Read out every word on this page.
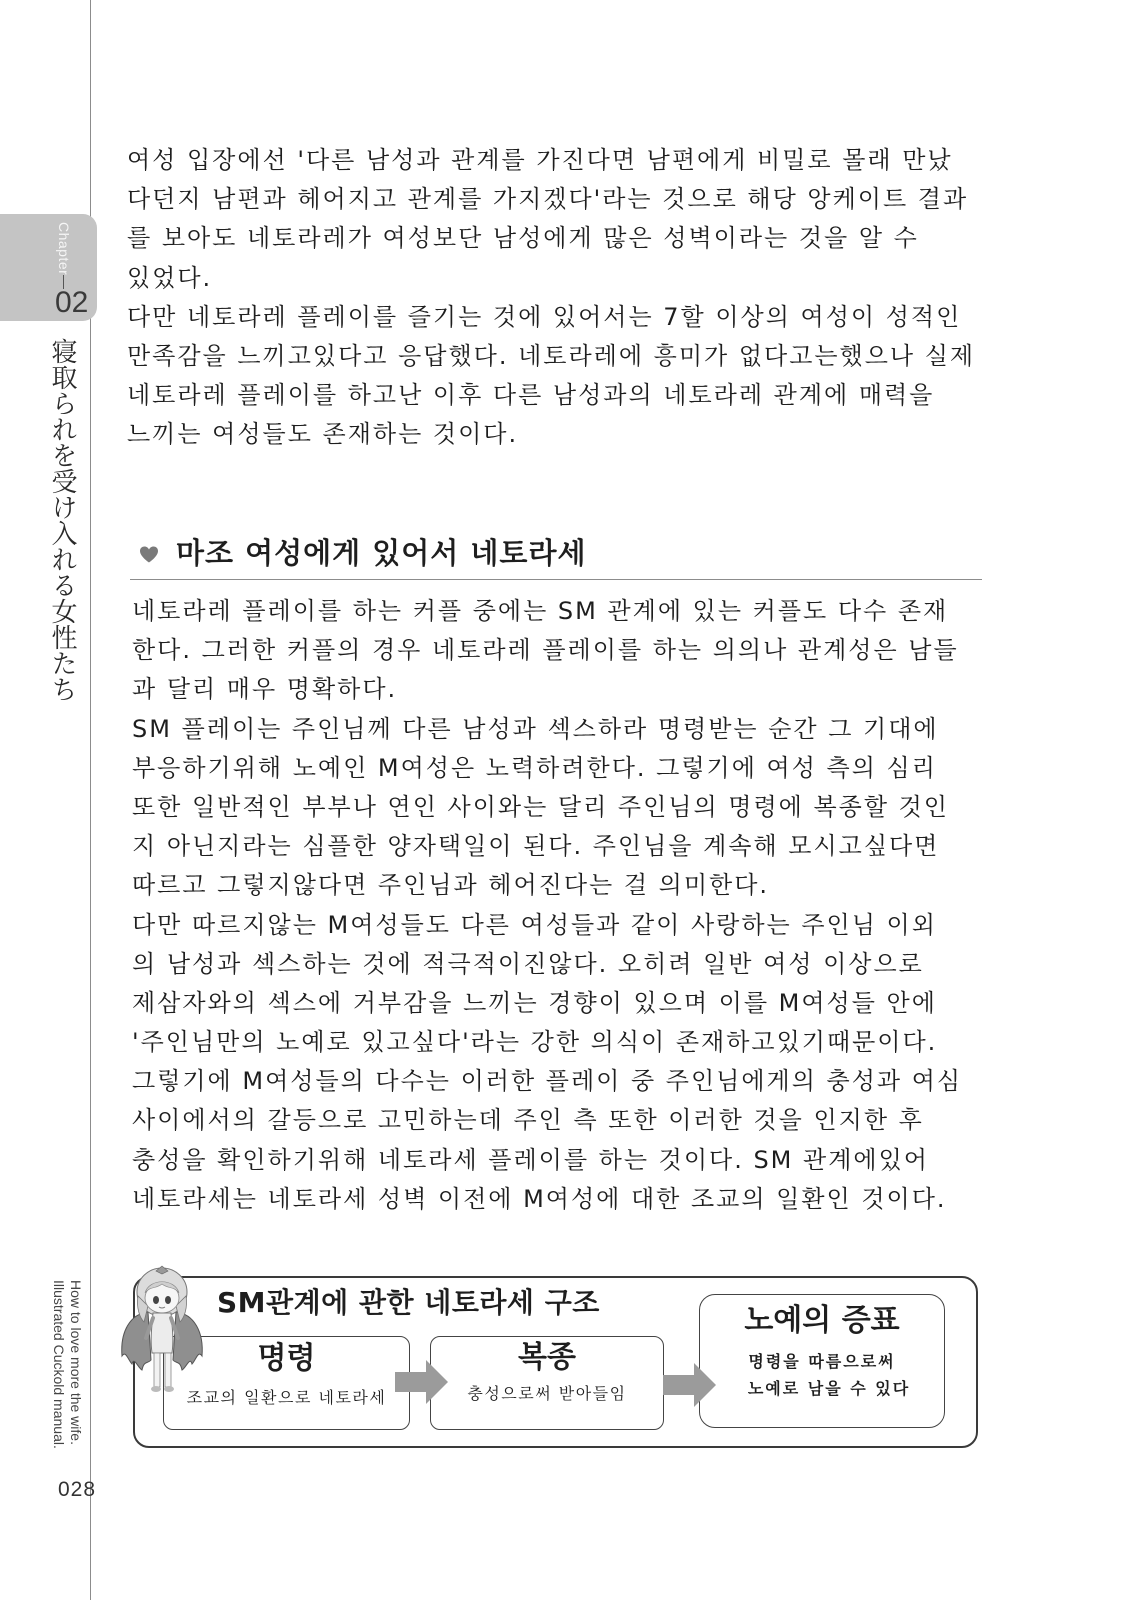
Chapter
02
寝取られを受け入れる女性たち
여성 입장에선 '다른 남성과 관계를 가진다면 남편에게 비밀로 몰래 만났
다던지 남편과 헤어지고 관계를 가지겠다'라는 것으로 해당 앙케이트 결과
를 보아도 네토라레가 여성보단 남성에게 많은 성벽이라는 것을 알 수
있었다.
다만 네토라레 플레이를 즐기는 것에 있어서는 7할 이상의 여성이 성적인
만족감을 느끼고있다고 응답했다. 네토라레에 흥미가 없다고는했으나 실제
네토라레 플레이를 하고난 이후 다른 남성과의 네토라레 관계에 매력을
느끼는 여성들도 존재하는 것이다.
마조 여성에게 있어서 네토라세
네토라레 플레이를 하는 커플 중에는 SM 관계에 있는 커플도 다수 존재
한다. 그러한 커플의 경우 네토라레 플레이를 하는 의의나 관계성은 남들
과 달리 매우 명확하다.
SM 플레이는 주인님께 다른 남성과 섹스하라 명령받는 순간 그 기대에
부응하기위해 노예인 M여성은 노력하려한다. 그렇기에 여성 측의 심리
또한 일반적인 부부나 연인 사이와는 달리 주인님의 명령에 복종할 것인
지 아닌지라는 심플한 양자택일이 된다. 주인님을 계속해 모시고싶다면
따르고 그렇지않다면 주인님과 헤어진다는 걸 의미한다.
다만 따르지않는 M여성들도 다른 여성들과 같이 사랑하는 주인님 이외
의 남성과 섹스하는 것에 적극적이진않다. 오히려 일반 여성 이상으로
제삼자와의 섹스에 거부감을 느끼는 경향이 있으며 이를 M여성들 안에
'주인님만의 노예로 있고싶다'라는 강한 의식이 존재하고있기때문이다.
그렇기에 M여성들의 다수는 이러한 플레이 중 주인님에게의 충성과 여심
사이에서의 갈등으로 고민하는데 주인 측 또한 이러한 것을 인지한 후
충성을 확인하기위해 네토라세 플레이를 하는 것이다. SM 관계에있어
네토라세는 네토라세 성벽 이전에 M여성에 대한 조교의 일환인 것이다.
SM관계에 관한 네토라세 구조
명령
조교의 일환으로 네토라세
복종
충성으로써 받아들임
노예의 증표
명령을 따름으로써
노예로 남을 수 있다
How to love more the wife.
Illustrated Cuckold manual.
028
